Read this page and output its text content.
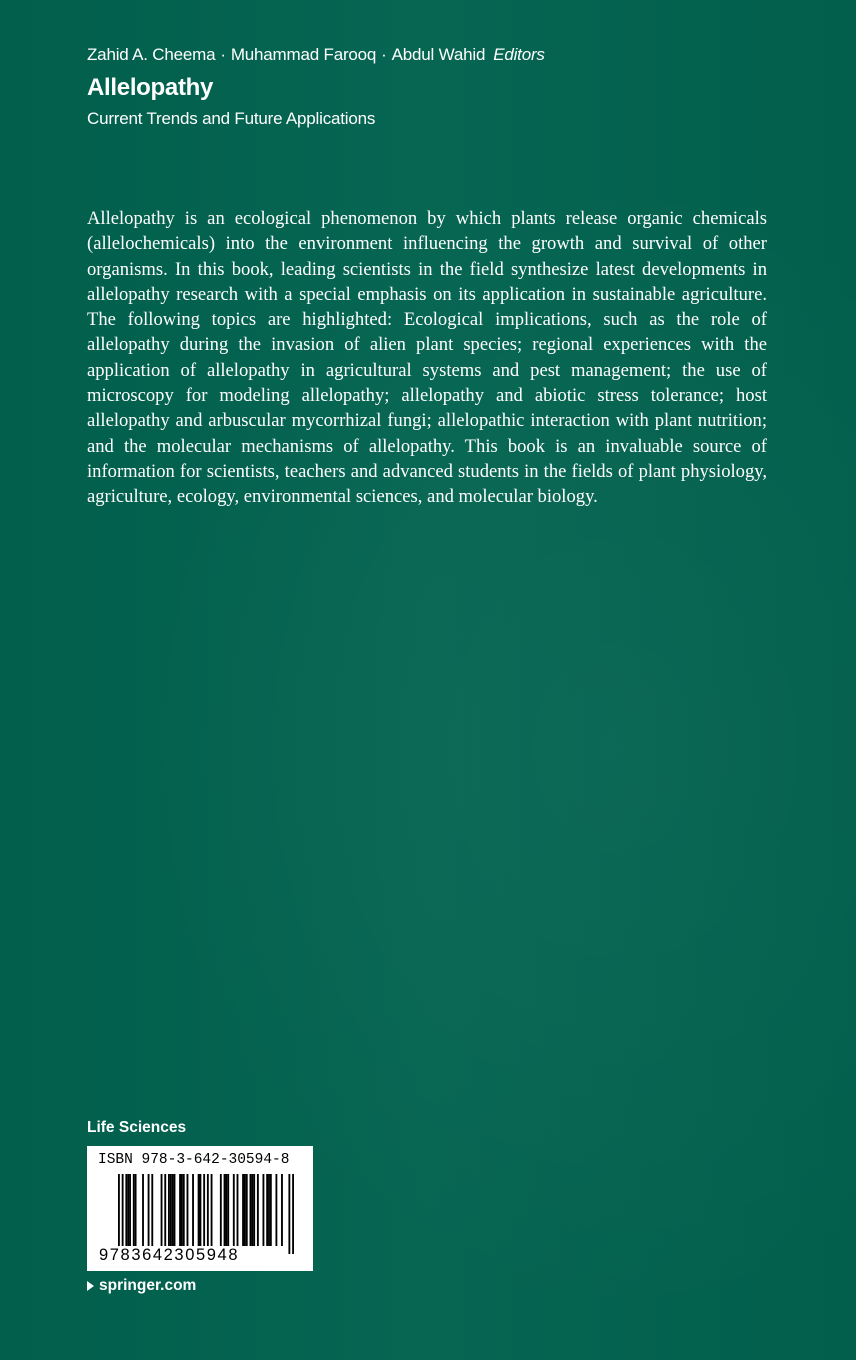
Zahid A. Cheema · Muhammad Farooq · Abdul Wahid Editors
Allelopathy
Current Trends and Future Applications

Allelopathy is an ecological phenomenon by which plants release organic chemicals (allelochemicals) into the environment influencing the growth and survival of other organisms. In this book, leading scientists in the field synthesize latest developments in allelopathy research with a special emphasis on its application in sustainable agriculture. The following topics are highlighted: Ecological implications, such as the role of allelopathy during the invasion of alien plant species; regional experiences with the application of allelopathy in agricultural systems and pest management; the use of microscopy for modeling allelopathy; allelopathy and abiotic stress tolerance; host allelopathy and arbuscular mycorrhizal fungi; allelopathic interaction with plant nutrition; and the molecular mechanisms of allelopathy. This book is an invaluable source of information for scientists, teachers and advanced students in the fields of plant physiology, agriculture, ecology, environmental sciences, and molecular biology.

Life Sciences
ISBN 978-3-642-30594-8
9783642305948
springer.com
